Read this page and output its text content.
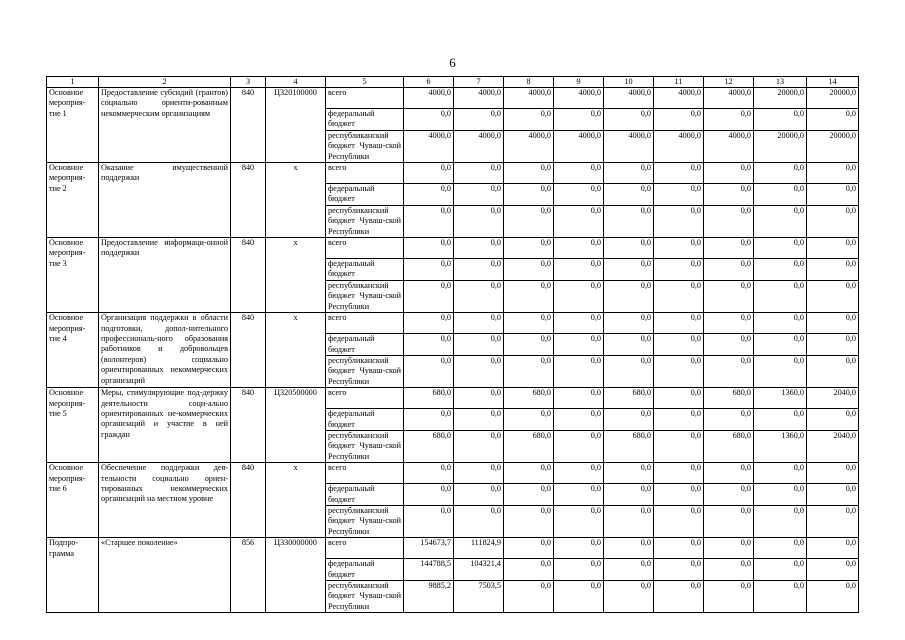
6
1	2	3	4	5	6	7	8	9	10	11	12	13	14
Основное мероприя-тие 1	Предоставление субсидий (грантов) социально ориенти-рованным некоммерческим организациям	840	Ц320100000	всего	4000,0	4000,0	4000,0	4000,0	4000,0	4000,0	4000,0	20000,0	20000,0
				федеральный бюджет	0,0	0,0	0,0	0,0	0,0	0,0	0,0	0,0	0,0
				республиканский бюджет Чуваш-ской Республики	4000,0	4000,0	4000,0	4000,0	4000,0	4000,0	4000,0	20000,0	20000,0
Основное мероприя-тие 2	Оказание имущественной поддержки	840	х	всего	0,0	0,0	0,0	0,0	0,0	0,0	0,0	0,0	0,0
				федеральный бюджет	0,0	0,0	0,0	0,0	0,0	0,0	0,0	0,0	0,0
				республиканский бюджет Чуваш-ской Республики	0,0	0,0	0,0	0,0	0,0	0,0	0,0	0,0	0,0
Основное мероприя-тие 3	Предоставление информаци-онной поддержки	840	х	всего	0,0	0,0	0,0	0,0	0,0	0,0	0,0	0,0	0,0
				федеральный бюджет	0,0	0,0	0,0	0,0	0,0	0,0	0,0	0,0	0,0
				республиканский бюджет Чуваш-ской Республики	0,0	0,0	0,0	0,0	0,0	0,0	0,0	0,0	0,0
Основное мероприя-тие 4	Организация поддержки в области подготовки, допол-нительного профессиональ-ного образования работников и добровольцев (волонтеров) социально ориентированных некоммерческих организаций	840	х	всего	0,0	0,0	0,0	0,0	0,0	0,0	0,0	0,0	0,0
				федеральный бюджет	0,0	0,0	0,0	0,0	0,0	0,0	0,0	0,0	0,0
				республиканский бюджет Чуваш-ской Республики	0,0	0,0	0,0	0,0	0,0	0,0	0,0	0,0	0,0
Основное мероприя-тие 5	Меры, стимулирующие под-держку деятельности соци-ально ориентированных не-коммерческих организаций и участие в ней граждан	840	Ц320500000	всего	680,0	0,0	680,0	0,0	680,0	0,0	680,0	1360,0	2040,0
				федеральный бюджет	0,0	0,0	0,0	0,0	0,0	0,0	0,0	0,0	0,0
				республиканский бюджет Чуваш-ской Республики	680,0	0,0	680,0	0,0	680,0	0,0	680,0	1360,0	2040,0
Основное мероприя-тие 6	Обеспечение поддержки дея-тельности социально ориен-тированных некоммерческих организаций на местном уровне	840	х	всего	0,0	0,0	0,0	0,0	0,0	0,0	0,0	0,0	0,0
				федеральный бюджет	0,0	0,0	0,0	0,0	0,0	0,0	0,0	0,0	0,0
				республиканский бюджет Чуваш-ской Республики	0,0	0,0	0,0	0,0	0,0	0,0	0,0	0,0	0,0
Подпро-грамма	«Старшее поколение»	856	Ц330000000	всего	154673,7	111824,9	0,0	0,0	0,0	0,0	0,0	0,0	0,0
				федеральный бюджет	144788,5	104321,4	0,0	0,0	0,0	0,0	0,0	0,0	0,0
				республиканский бюджет Чуваш-ской Республики	9885,2	7503,5	0,0	0,0	0,0	0,0	0,0	0,0	0,0
